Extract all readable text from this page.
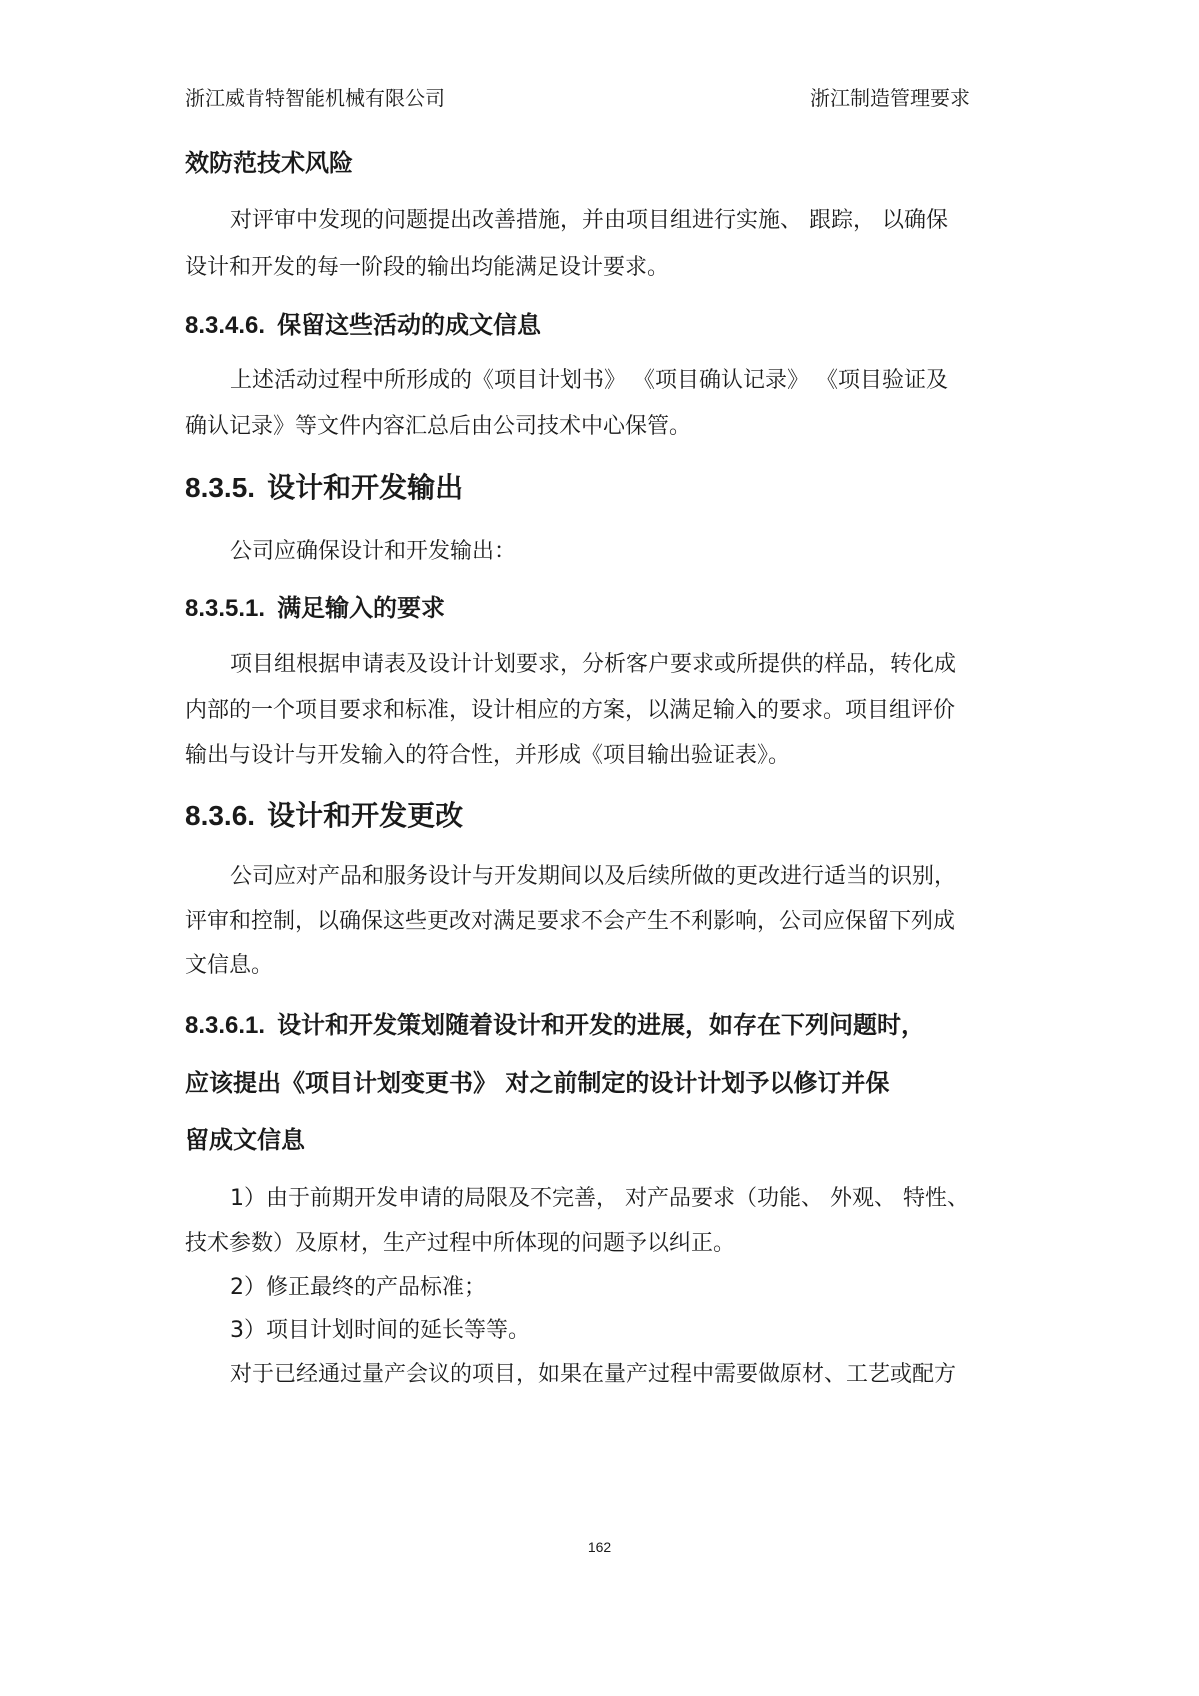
浙江威肯特智能机械有限公司	浙江制造管理要求
效防范技术风险
对评审中发现的问题提出改善措施，并由项目组进行实施、 跟踪， 以确保
设计和开发的每一阶段的输出均能满足设计要求。
8.3.4.6. 保留这些活动的成文信息
上述活动过程中所形成的《项目计划书》 《项目确认记录》 《项目验证及
确认记录》等文件内容汇总后由公司技术中心保管。
8.3.5. 设计和开发输出
公司应确保设计和开发输出：
8.3.5.1. 满足输入的要求
项目组根据申请表及设计计划要求，分析客户要求或所提供的样品，转化成
内部的一个项目要求和标准，设计相应的方案，以满足输入的要求。项目组评价
输出与设计与开发输入的符合性，并形成《项目输出验证表》。
8.3.6. 设计和开发更改
公司应对产品和服务设计与开发期间以及后续所做的更改进行适当的识别，
评审和控制，以确保这些更改对满足要求不会产生不利影响，公司应保留下列成
文信息。
8.3.6.1. 设计和开发策划随着设计和开发的进展，如存在下列问题时，
应该提出《项目计划变更书》 对之前制定的设计计划予以修订并保
留成文信息
1）由于前期开发申请的局限及不完善， 对产品要求（功能、 外观、 特性、
技术参数）及原材，生产过程中所体现的问题予以纠正。
2）修正最终的产品标准；
3）项目计划时间的延长等等。
对于已经通过量产会议的项目，如果在量产过程中需要做原材、工艺或配方
162
